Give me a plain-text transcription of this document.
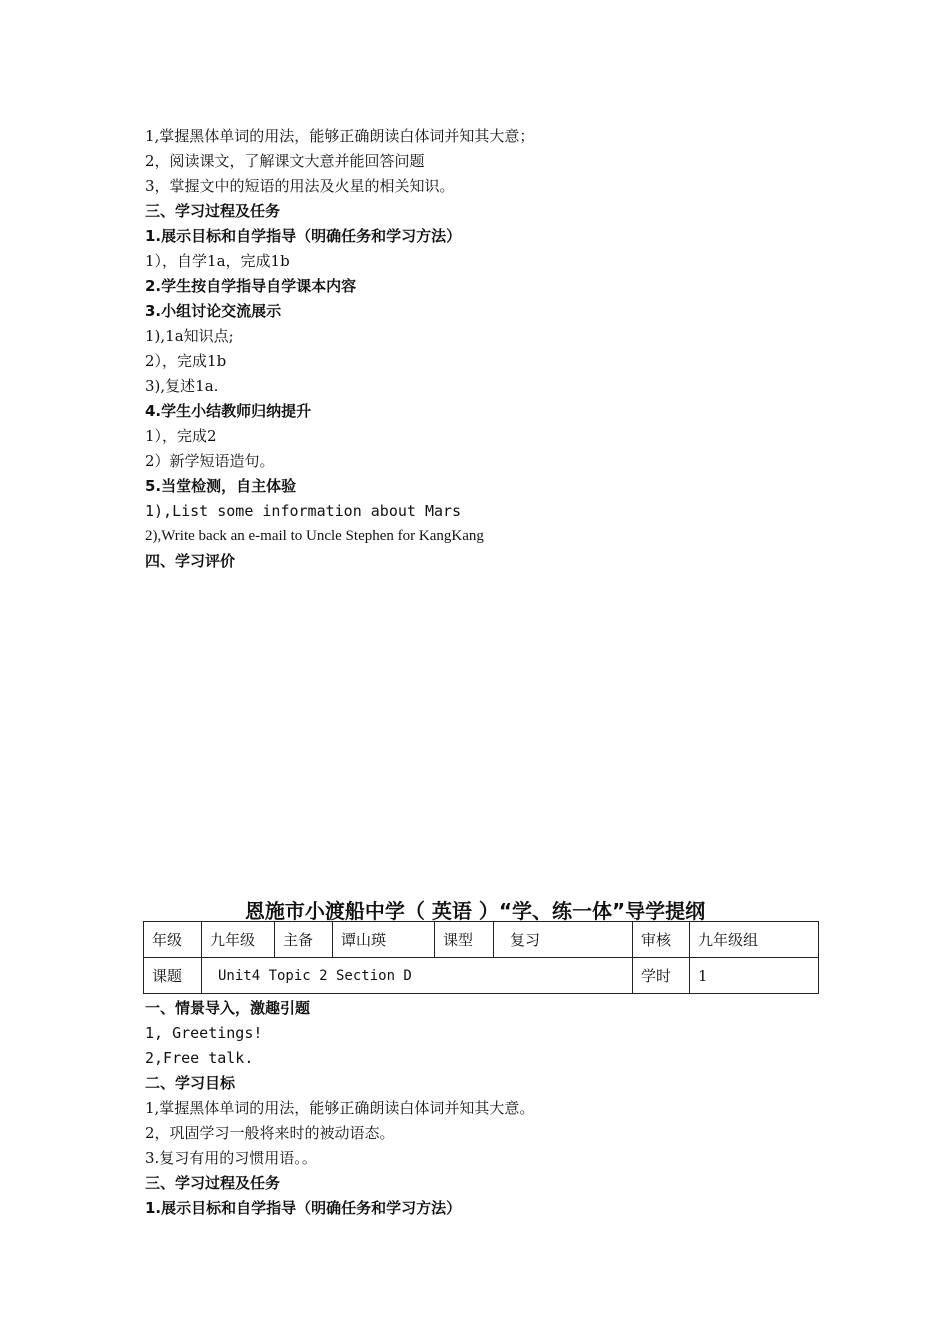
1,掌握黑体单词的用法，能够正确朗读白体词并知其大意；
2，阅读课文，了解课文大意并能回答问题
3，掌握文中的短语的用法及火星的相关知识。
三、学习过程及任务
1.展示目标和自学指导（明确任务和学习方法）
1），自学1a，完成1b
2.学生按自学指导自学课本内容
3.小组讨论交流展示
1),1a知识点;
2），完成1b
3),复述1a.
4.学生小结教师归纳提升
1），完成2
2）新学短语造句。
5.当堂检测，自主体验
1),List some information about Mars
2),Write back an e-mail to Uncle Stephen for KangKang
四、学习评价
恩施市小渡船中学（ 英语 ）“学、练一体”导学提纲
年级	九年级	主备	谭山瑛	课型	复习	审核	九年级组
课题	Unit4 Topic 2 Section D					学时	1
一、情景导入，激趣引题
1, Greetings!
2,Free talk.
二、学习目标
1,掌握黑体单词的用法，能够正确朗读白体词并知其大意。
2，巩固学习一般将来时的被动语态。
3.复习有用的习惯用语。。
三、学习过程及任务
1.展示目标和自学指导（明确任务和学习方法）
